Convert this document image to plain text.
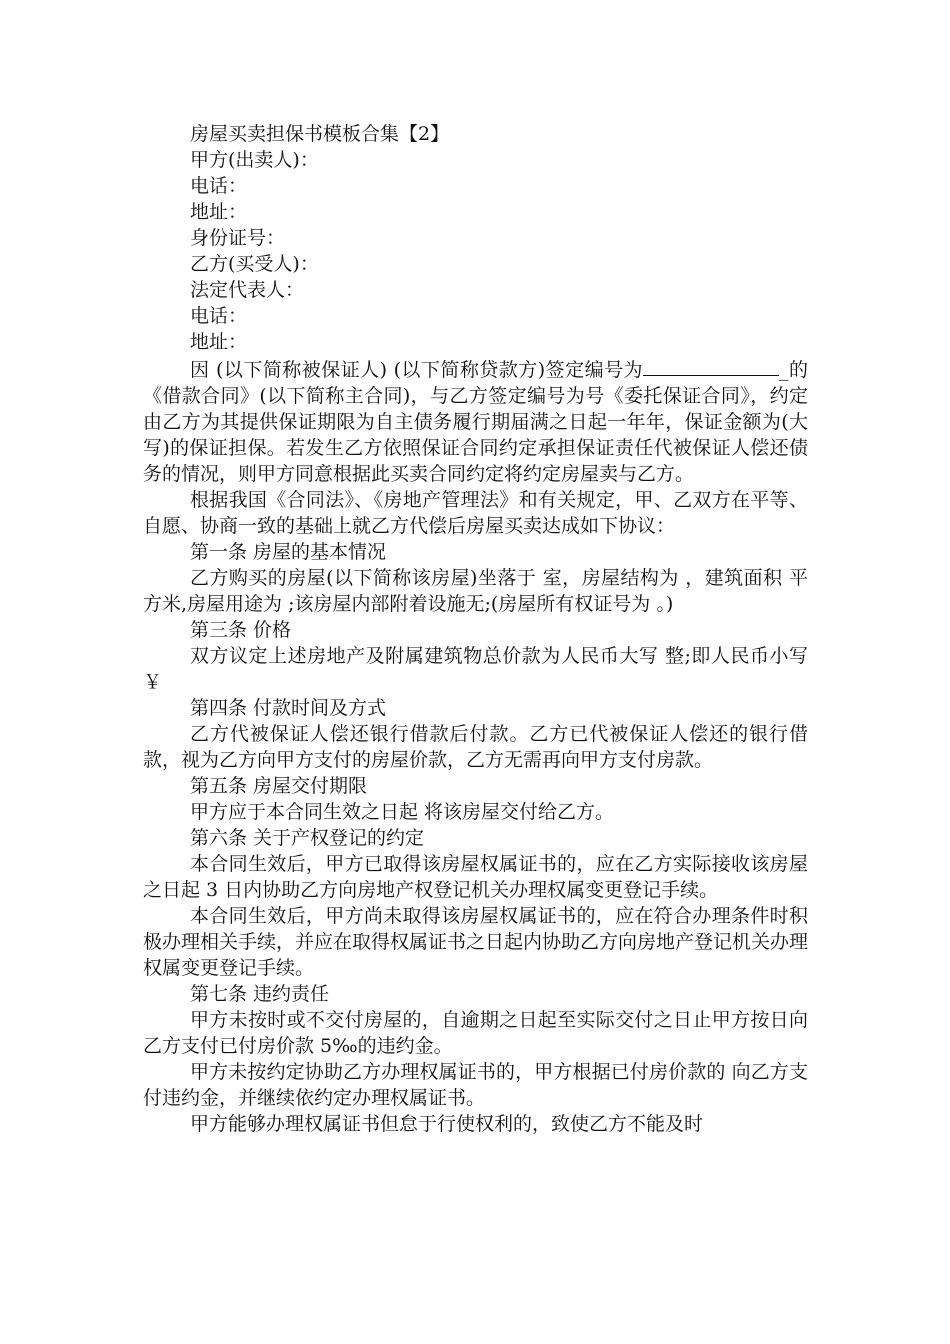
房屋买卖担保书模板合集【2】

甲方(出卖人)：

电话：

地址：

身份证号：

乙方(买受人)：

法定代表人：

电话：

地址：

因 (以下简称被保证人) (以下简称贷款方)签定编号为	_的《借款合同》(以下简称主合同)，与乙方签定编号为号《委托保证合同》，约定由乙方为其提供保证期限为自主债务履行期届满之日起一年年，保证金额为(大写)的保证担保。若发生乙方依照保证合同约定承担保证责任代被保证人偿还债务的情况，则甲方同意根据此买卖合同约定将约定房屋卖与乙方。

根据我国《合同法》、《房地产管理法》和有关规定，甲、乙双方在平等、自愿、协商一致的基础上就乙方代偿后房屋买卖达成如下协议：

第一条 房屋的基本情况

乙方购买的房屋(以下简称该房屋)坐落于 室，房屋结构为 ，建筑面积 平方米,房屋用途为 ;该房屋内部附着设施无;(房屋所有权证号为 。)

第三条 价格

双方议定上述房地产及附属建筑物总价款为人民币大写 整;即人民币小写￥

第四条 付款时间及方式

乙方代被保证人偿还银行借款后付款。乙方已代被保证人偿还的银行借款，视为乙方向甲方支付的房屋价款，乙方无需再向甲方支付房款。

第五条 房屋交付期限

甲方应于本合同生效之日起 将该房屋交付给乙方。

第六条 关于产权登记的约定

本合同生效后，甲方已取得该房屋权属证书的，应在乙方实际接收该房屋之日起 3 日内协助乙方向房地产权登记机关办理权属变更登记手续。

本合同生效后，甲方尚未取得该房屋权属证书的，应在符合办理条件时积极办理相关手续，并应在取得权属证书之日起内协助乙方向房地产登记机关办理权属变更登记手续。

第七条 违约责任

甲方未按时或不交付房屋的，自逾期之日起至实际交付之日止甲方按日向乙方支付已付房价款 5‰的违约金。

甲方未按约定协助乙方办理权属证书的，甲方根据已付房价款的 向乙方支付违约金，并继续依约定办理权属证书。

甲方能够办理权属证书但怠于行使权利的，致使乙方不能及时
